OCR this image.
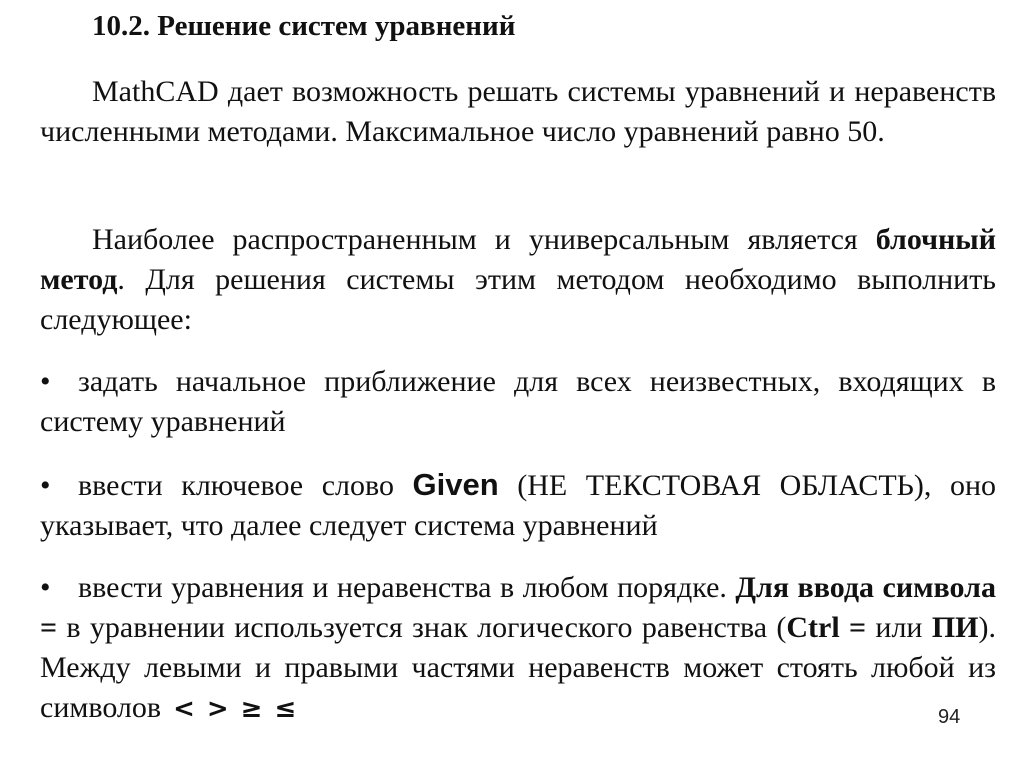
10.2. Решение систем уравнений

MathCAD дает возможность решать системы уравнений и неравенств численными методами. Максимальное число уравнений равно 50.

Наиболее распространенным и универсальным является блочный метод. Для решения системы этим методом необходимо выполнить следующее:

• задать начальное приближение для всех неизвестных, входящих в систему уравнений

• ввести ключевое слово Given (НЕ ТЕКСТОВАЯ ОБЛАСТЬ), оно указывает, что далее следует система уравнений

• ввести уравнения и неравенства в любом порядке. Для ввода символа = в уравнении используется знак логического равенства (Ctrl = или ПИ). Между левыми и правыми частями неравенств может стоять любой из символов < > ≥ ≤	94
